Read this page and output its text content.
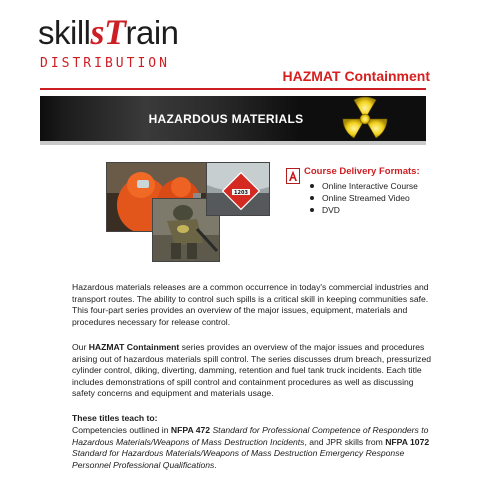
skillsTrain
DISTRIBUTION
HAZMAT Containment
HAZARDOUS MATERIALS
1203
Course Delivery Formats:
Online Interactive Course
Online Streamed Video
DVD
Hazardous materials releases are a common occurrence in today's commercial industries and transport routes. The ability to control such spills is a critical skill in keeping communities safe. This four-part series provides an overview of the major issues, equipment, materials and procedures necessary for release control.
Our HAZMAT Containment series provides an overview of the major issues and procedures arising out of hazardous materials spill control. The series discusses drum breach, pressurized cylinder control, diking, diverting, damming, retention and fuel tank truck incidents. Each title includes demonstrations of spill control and containment procedures as well as discussing safety concerns and equipment and materials usage.
These titles teach to:
Competencies outlined in NFPA 472 Standard for Professional Competence of Responders to Hazardous Materials/Weapons of Mass Destruction Incidents, and JPR skills from NFPA 1072 Standard for Hazardous Materials/Weapons of Mass Destruction Emergency Response Personnel Professional Qualifications.
